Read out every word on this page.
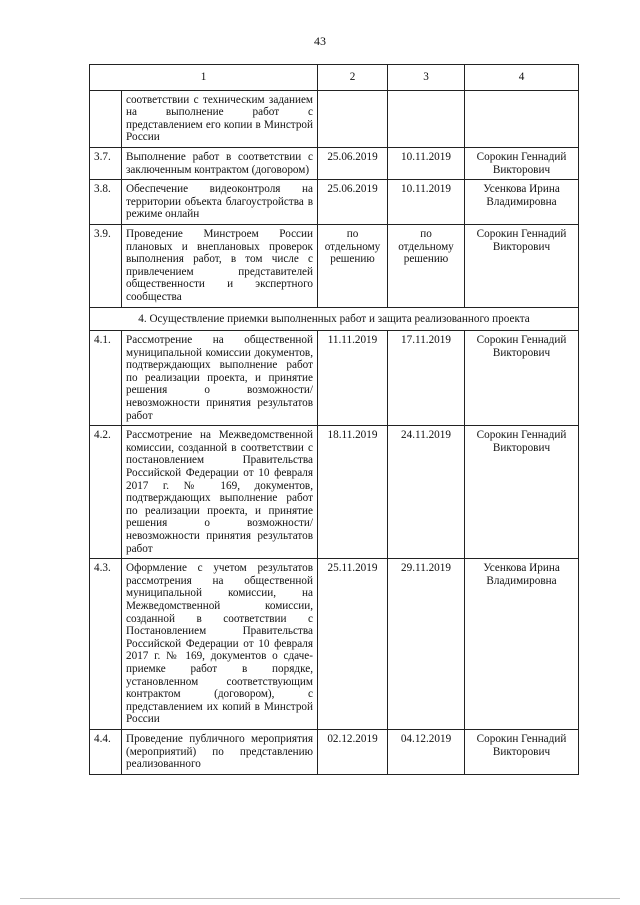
43
1		2	3	4
	соответствии с техническим заданием на выполнение работ с представлением его копии в Минстрой России			
3.7.	Выполнение работ в соответствии с заключенным контрактом (договором)	25.06.2019	10.11.2019	Сорокин Геннадий Викторович
3.8.	Обеспечение видеоконтроля на территории объекта благоустройства в режиме онлайн	25.06.2019	10.11.2019	Усенкова Ирина Владимировна
3.9.	Проведение Минстроем России плановых и внеплановых проверок выполнения работ, в том числе с привлечением представителей общественности и экспертного сообщества	по отдельному решению	по отдельному решению	Сорокин Геннадий Викторович
4. Осуществление приемки выполненных работ и защита реализованного проекта				
4.1.	Рассмотрение на общественной муниципальной комиссии документов, подтверждающих выполнение работ по реализации проекта, и принятие решения о возможности/невозможности принятия результатов работ	11.11.2019	17.11.2019	Сорокин Геннадий Викторович
4.2.	Рассмотрение на Межведомственной комиссии, созданной в соответствии с постановлением Правительства Российской Федерации от 10 февраля 2017 г. № 169, документов, подтверждающих выполнение работ по реализации проекта, и принятие решения о возможности/невозможности принятия результатов работ	18.11.2019	24.11.2019	Сорокин Геннадий Викторович
4.3.	Оформление с учетом результатов рассмотрения на общественной муниципальной комиссии, на Межведомственной комиссии, созданной в соответствии с Постановлением Правительства Российской Федерации от 10 февраля 2017 г. № 169, документов о сдаче-приемке работ в порядке, установленном соответствующим контрактом (договором), с представлением их копий в Минстрой России	25.11.2019	29.11.2019	Усенкова Ирина Владимировна
4.4.	Проведение публичного мероприятия (мероприятий) по представлению реализованного	02.12.2019	04.12.2019	Сорокин Геннадий Викторович
